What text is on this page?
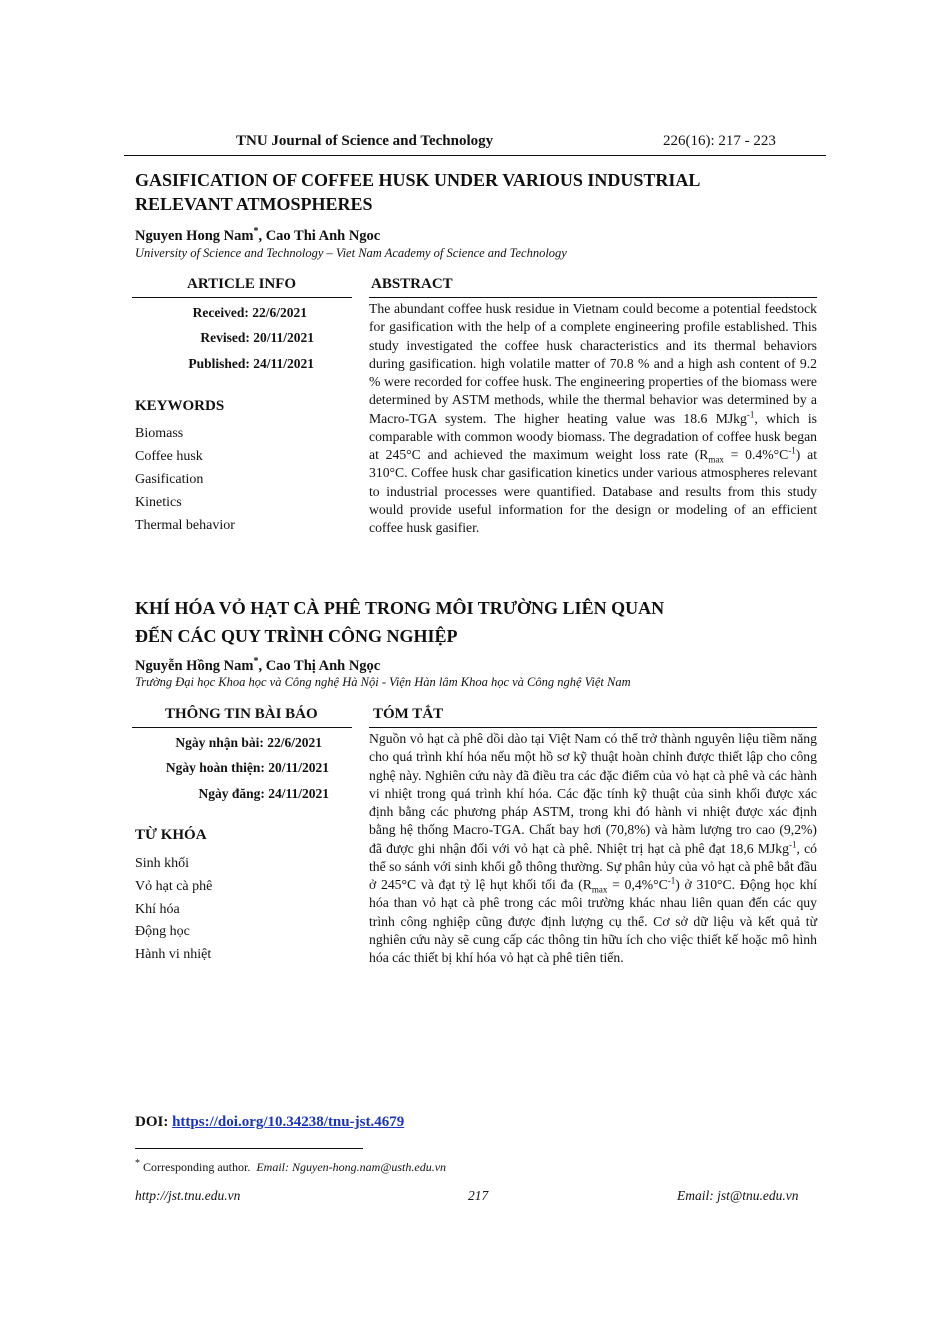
TNU Journal of Science and Technology	226(16): 217 - 223
GASIFICATION OF COFFEE HUSK UNDER VARIOUS INDUSTRIAL
RELEVANT ATMOSPHERES
Nguyen Hong Nam*, Cao Thi Anh Ngoc
University of Science and Technology – Viet Nam Academy of Science and Technology
ARTICLE INFO	ABSTRACT
Received: 22/6/2021
Revised: 20/11/2021
Published: 24/11/2021
KEYWORDS
Biomass
Coffee husk
Gasification
Kinetics
Thermal behavior

The abundant coffee husk residue in Vietnam could become a potential feedstock for gasification with the help of a complete engineering profile established. This study investigated the coffee husk characteristics and its thermal behaviors during gasification. high volatile matter of 70.8 % and a high ash content of 9.2 % were recorded for coffee husk. The engineering properties of the biomass were determined by ASTM methods, while the thermal behavior was determined by a Macro-TGA system. The higher heating value was 18.6 MJkg$^{-1}$, which is comparable with common woody biomass. The degradation of coffee husk began at 245°C and achieved the maximum weight loss rate $(R_{max} = 0.4\%^\circ C^{-1})$ at 310°C. Coffee husk char gasification kinetics under various atmospheres relevant to industrial processes were quantified. Database and results from this study would provide useful information for the design or modeling of an efficient coffee husk gasifier.

KHÍ HÓA VỎ HẠT CÀ PHÊ TRONG MÔI TRƯỜNG LIÊN QUAN
ĐẾN CÁC QUY TRÌNH CÔNG NGHIỆP
Nguyễn Hồng Nam*, Cao Thị Anh Ngọc
Trường Đại học Khoa học và Công nghệ Hà Nội - Viện Hàn lâm Khoa học và Công nghệ Việt Nam
THÔNG TIN BÀI BÁO	TÓM TẮT
Ngày nhận bài: 22/6/2021
Ngày hoàn thiện: 20/11/2021
Ngày đăng: 24/11/2021
TỪ KHÓA
Sinh khối
Vỏ hạt cà phê
Khí hóa
Động học
Hành vi nhiệt

Nguồn vỏ hạt cà phê dồi dào tại Việt Nam có thể trở thành nguyên liệu tiềm năng cho quá trình khí hóa nếu một hồ sơ kỹ thuật hoàn chỉnh được thiết lập cho công nghệ này. Nghiên cứu này đã điều tra các đặc điểm của vỏ hạt cà phê và các hành vi nhiệt trong quá trình khí hóa. Các đặc tính kỹ thuật của sinh khối được xác định bằng các phương pháp ASTM, trong khi đó hành vi nhiệt được xác định bằng hệ thống Macro-TGA. Chất bay hơi (70,8%) và hàm lượng tro cao (9,2%) đã được ghi nhận đối với vỏ hạt cà phê. Nhiệt trị hạt cà phê đạt 18,6 MJkg$^{-1}$, có thể so sánh với sinh khối gỗ thông thường. Sự phân hủy của vỏ hạt cà phê bắt đầu ở 245°C và đạt tỷ lệ hụt khối tối đa $(R_{max} = 0,4\%^\circ C^{-1})$ ở 310°C. Động học khí hóa than vỏ hạt cà phê trong các môi trường khác nhau liên quan đến các quy trình công nghiệp cũng được định lượng cụ thể. Cơ sở dữ liệu và kết quả từ nghiên cứu này sẽ cung cấp các thông tin hữu ích cho việc thiết kế hoặc mô hình hóa các thiết bị khí hóa vỏ hạt cà phê tiên tiến.

DOI: https://doi.org/10.34238/tnu-jst.4679
* Corresponding author. Email: Nguyen-hong.nam@usth.edu.vn
http://jst.tnu.edu.vn	217	Email: jst@tnu.edu.vn
